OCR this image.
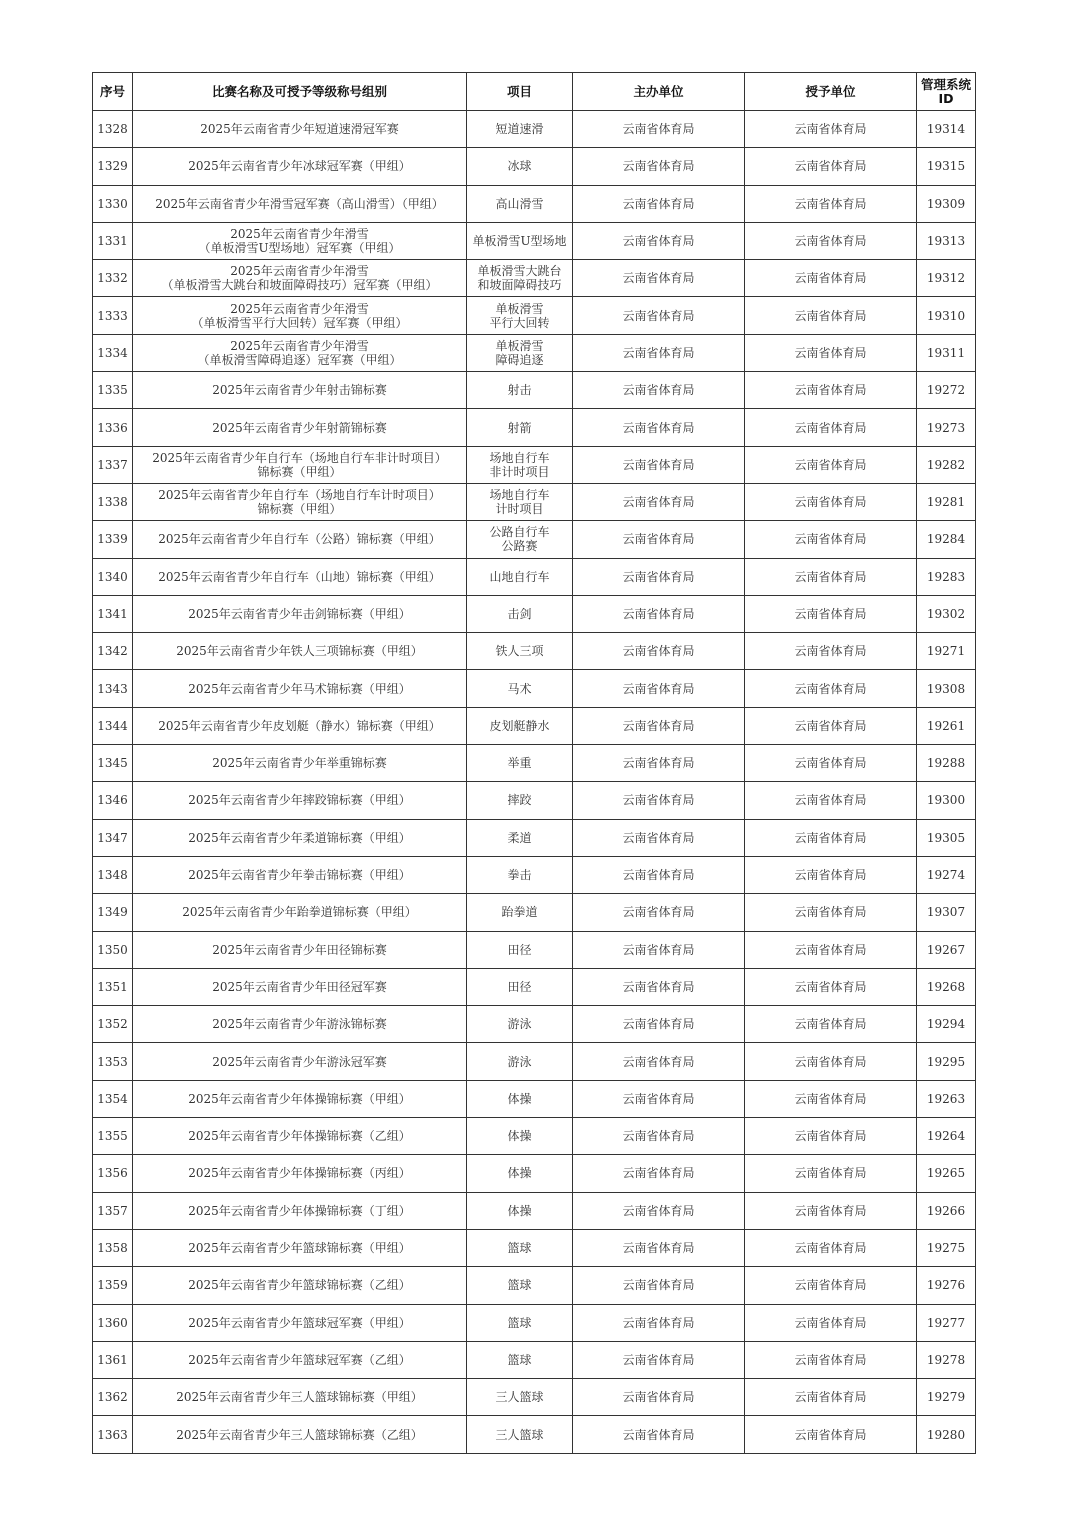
序号	比赛名称及可授予等级称号组别	项目	主办单位	授予单位	管理系统
ID
1328	2025年云南省青少年短道速滑冠军赛	短道速滑	云南省体育局	云南省体育局	19314
1329	2025年云南省青少年冰球冠军赛（甲组）	冰球	云南省体育局	云南省体育局	19315
1330	2025年云南省青少年滑雪冠军赛（高山滑雪）（甲组）	高山滑雪	云南省体育局	云南省体育局	19309
1331	2025年云南省青少年滑雪
（单板滑雪U型场地）冠军赛（甲组）	单板滑雪U型场地	云南省体育局	云南省体育局	19313
1332	2025年云南省青少年滑雪
（单板滑雪大跳台和坡面障碍技巧）冠军赛（甲组）	单板滑雪大跳台
和坡面障碍技巧	云南省体育局	云南省体育局	19312
1333	2025年云南省青少年滑雪
（单板滑雪平行大回转）冠军赛（甲组）	单板滑雪
平行大回转	云南省体育局	云南省体育局	19310
1334	2025年云南省青少年滑雪
（单板滑雪障碍追逐）冠军赛（甲组）	单板滑雪
障碍追逐	云南省体育局	云南省体育局	19311
1335	2025年云南省青少年射击锦标赛	射击	云南省体育局	云南省体育局	19272
1336	2025年云南省青少年射箭锦标赛	射箭	云南省体育局	云南省体育局	19273
1337	2025年云南省青少年自行车（场地自行车非计时项目）
锦标赛（甲组）	场地自行车
非计时项目	云南省体育局	云南省体育局	19282
1338	2025年云南省青少年自行车（场地自行车计时项目）
锦标赛（甲组）	场地自行车
计时项目	云南省体育局	云南省体育局	19281
1339	2025年云南省青少年自行车（公路）锦标赛（甲组）	公路自行车
公路赛	云南省体育局	云南省体育局	19284
1340	2025年云南省青少年自行车（山地）锦标赛（甲组）	山地自行车	云南省体育局	云南省体育局	19283
1341	2025年云南省青少年击剑锦标赛（甲组）	击剑	云南省体育局	云南省体育局	19302
1342	2025年云南省青少年铁人三项锦标赛（甲组）	铁人三项	云南省体育局	云南省体育局	19271
1343	2025年云南省青少年马术锦标赛（甲组）	马术	云南省体育局	云南省体育局	19308
1344	2025年云南省青少年皮划艇（静水）锦标赛（甲组）	皮划艇静水	云南省体育局	云南省体育局	19261
1345	2025年云南省青少年举重锦标赛	举重	云南省体育局	云南省体育局	19288
1346	2025年云南省青少年摔跤锦标赛（甲组）	摔跤	云南省体育局	云南省体育局	19300
1347	2025年云南省青少年柔道锦标赛（甲组）	柔道	云南省体育局	云南省体育局	19305
1348	2025年云南省青少年拳击锦标赛（甲组）	拳击	云南省体育局	云南省体育局	19274
1349	2025年云南省青少年跆拳道锦标赛（甲组）	跆拳道	云南省体育局	云南省体育局	19307
1350	2025年云南省青少年田径锦标赛	田径	云南省体育局	云南省体育局	19267
1351	2025年云南省青少年田径冠军赛	田径	云南省体育局	云南省体育局	19268
1352	2025年云南省青少年游泳锦标赛	游泳	云南省体育局	云南省体育局	19294
1353	2025年云南省青少年游泳冠军赛	游泳	云南省体育局	云南省体育局	19295
1354	2025年云南省青少年体操锦标赛（甲组）	体操	云南省体育局	云南省体育局	19263
1355	2025年云南省青少年体操锦标赛（乙组）	体操	云南省体育局	云南省体育局	19264
1356	2025年云南省青少年体操锦标赛（丙组）	体操	云南省体育局	云南省体育局	19265
1357	2025年云南省青少年体操锦标赛（丁组）	体操	云南省体育局	云南省体育局	19266
1358	2025年云南省青少年篮球锦标赛（甲组）	篮球	云南省体育局	云南省体育局	19275
1359	2025年云南省青少年篮球锦标赛（乙组）	篮球	云南省体育局	云南省体育局	19276
1360	2025年云南省青少年篮球冠军赛（甲组）	篮球	云南省体育局	云南省体育局	19277
1361	2025年云南省青少年篮球冠军赛（乙组）	篮球	云南省体育局	云南省体育局	19278
1362	2025年云南省青少年三人篮球锦标赛（甲组）	三人篮球	云南省体育局	云南省体育局	19279
1363	2025年云南省青少年三人篮球锦标赛（乙组）	三人篮球	云南省体育局	云南省体育局	19280
